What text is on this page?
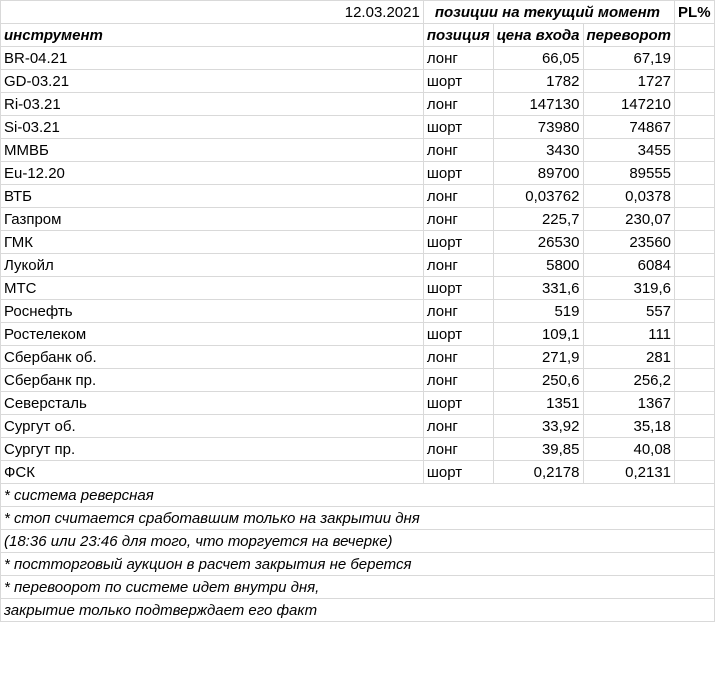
12.03.2021	позиции на текущий момент			PL%
инструмент	позиция	цена входа	переворот	
BR-04.21	лонг	66,05	67,19	
GD-03.21	шорт	1782	1727	
Ri-03.21	лонг	147130	147210	
Si-03.21	шорт	73980	74867	
ММВБ	лонг	3430	3455	
Eu-12.20	шорт	89700	89555	
ВТБ	лонг	0,03762	0,0378	
Газпром	лонг	225,7	230,07	
ГМК	шорт	26530	23560	
Лукойл	лонг	5800	6084	
МТС	шорт	331,6	319,6	
Роснефть	лонг	519	557	
Ростелеком	шорт	109,1	111	
Сбербанк об.	лонг	271,9	281	
Сбербанк пр.	лонг	250,6	256,2	
Северсталь	шорт	1351	1367	
Сургут об.	лонг	33,92	35,18	
Сургут пр.	лонг	39,85	40,08	
ФСК	шорт	0,2178	0,2131	
* система реверсная				
* стоп считается сработавшим только на закрытии дня				
(18:36 или 23:46 для того, что торгуется на вечерке)				
* постторговый аукцион в расчет закрытия не берется				
* перевоорот по системе идет внутри дня,				
закрытие только подтверждает его факт				
